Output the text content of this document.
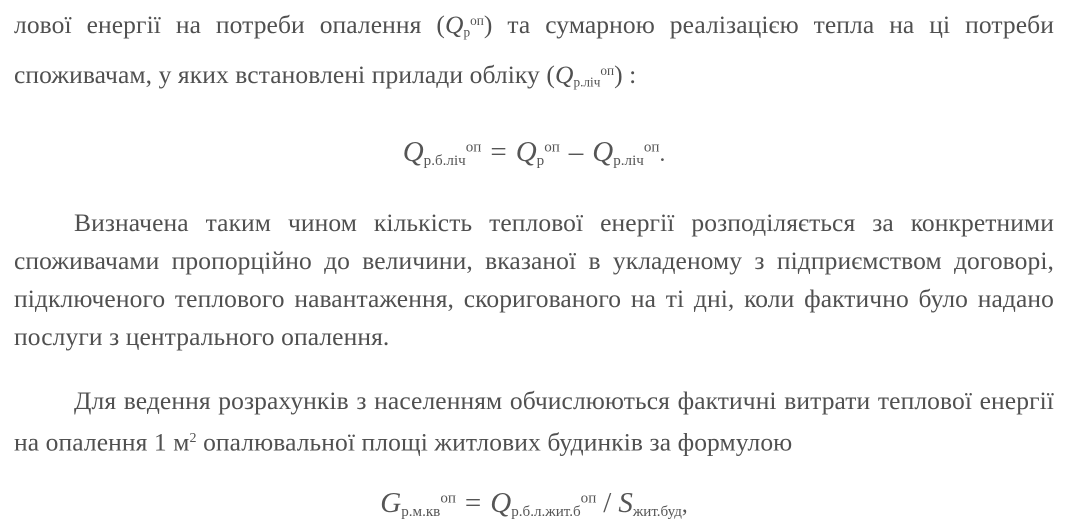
лової енергії на потреби опалення $(Q_р^{оп})$ та сумарною реалізацією тепла на ці потреби споживачам, у яких встановлені прилади обліку $(Q_{р.ліч}^{оп})$ :

$Q_{р.б.ліч}^{оп} = Q_р^{оп} - Q_{р.ліч}^{оп}$.

Визначена таким чином кількість теплової енергії розподіляється за конкретними споживачами пропорційно до величини, вказаної в укладеному з підприємством договорі, підключеного теплового навантаження, скоригованого на ті дні, коли фактично було надано послуги з центрального опалення.

Для ведення розрахунків з населенням обчислюються фактичні витрати теплової енергії на опалення 1 $м^2$ опалювальної площі житлових будинків за формулою

$G_{р.м.кв}^{оп} = Q_{р.б.л.жит.б}^{оп} / S_{жит.буд}$,
